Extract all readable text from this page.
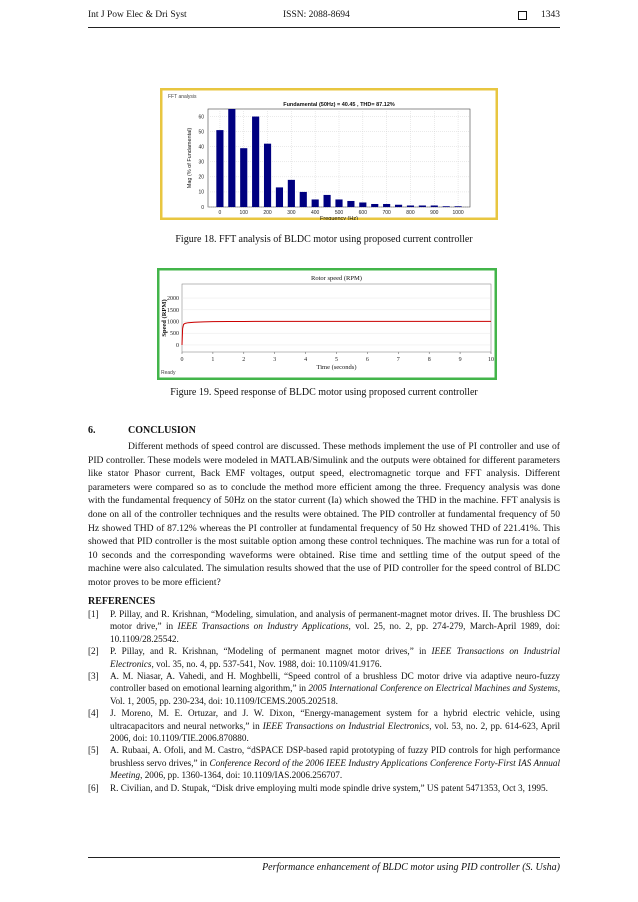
Int J Pow Elec & Dri Syst	ISSN: 2088-8694	1343
FFT analysis
0
10
20
30
40
50
60
0	100	200	300	400	500	600	700	800	900	1000
Fundamental (50Hz) = 40.45 , THD= 87.12%
Frequency (Hz)
Mag (% of Fundamental)
Figure 18. FFT analysis of BLDC motor using proposed current controller
Ready
0
500
1000
1500
2000
0	1	2	3	4	5	6	7	8	9	10
Rotor speed (RPM)
Time (seconds)
Speed (RPM)
Figure 19. Speed response of BLDC motor using proposed current controller
6.	CONCLUSION

Different methods of speed control are discussed. These methods implement the use of PI controller and use of PID controller. These models were modeled in MATLAB/Simulink and the outputs were obtained for different parameters like stator Phasor current, Back EMF voltages, output speed, electromagnetic torque and FFT analysis. Different parameters were compared so as to conclude the method more efficient among the three. Frequency analysis was done with the fundamental frequency of 50Hz on the stator current (Ia) which showed the THD in the machine. FFT analysis is done on all of the controller techniques and the results were obtained. The PID controller at fundamental frequency of 50 Hz showed THD of 87.12% whereas the PI controller at fundamental frequency of 50 Hz showed THD of 221.41%. This showed that PID controller is the most suitable option among these control techniques. The machine was run for a total of 10 seconds and the corresponding waveforms were obtained. Rise time and settling time of the output speed of the machine were also calculated. The simulation results showed that the use of PID controller for the speed control of BLDC motor proves to be more efficient?

REFERENCES
[1] P. Pillay, and R. Krishnan, “Modeling, simulation, and analysis of permanent-magnet motor drives. II. The brushless DC motor drive,” in IEEE Transactions on Industry Applications, vol. 25, no. 2, pp. 274-279, March-April 1989, doi: 10.1109/28.25542.
[2] P. Pillay, and R. Krishnan, “Modeling of permanent magnet motor drives,” in IEEE Transactions on Industrial Electronics, vol. 35, no. 4, pp. 537-541, Nov. 1988, doi: 10.1109/41.9176.
[3] A. M. Niasar, A. Vahedi, and H. Moghbelli, “Speed control of a brushless DC motor drive via adaptive neuro-fuzzy controller based on emotional learning algorithm,” in 2005 International Conference on Electrical Machines and Systems, Vol. 1, 2005, pp. 230-234, doi: 10.1109/ICEMS.2005.202518.
[4] J. Moreno, M. E. Ortuzar, and J. W. Dixon, “Energy-management system for a hybrid electric vehicle, using ultracapacitors and neural networks,” in IEEE Transactions on Industrial Electronics, vol. 53, no. 2, pp. 614-623, April 2006, doi: 10.1109/TIE.2006.870880.
[5] A. Rubaai, A. Ofoli, and M. Castro, “dSPACE DSP-based rapid prototyping of fuzzy PID controls for high performance brushless servo drives,” in Conference Record of the 2006 IEEE Industry Applications Conference Forty-First IAS Annual Meeting, 2006, pp. 1360-1364, doi: 10.1109/IAS.2006.256707.
[6] R. Civilian, and D. Stupak, “Disk drive employing multi mode spindle drive system,” US patent 5471353, Oct 3, 1995.
Performance enhancement of BLDC motor using PID controller (S. Usha)
